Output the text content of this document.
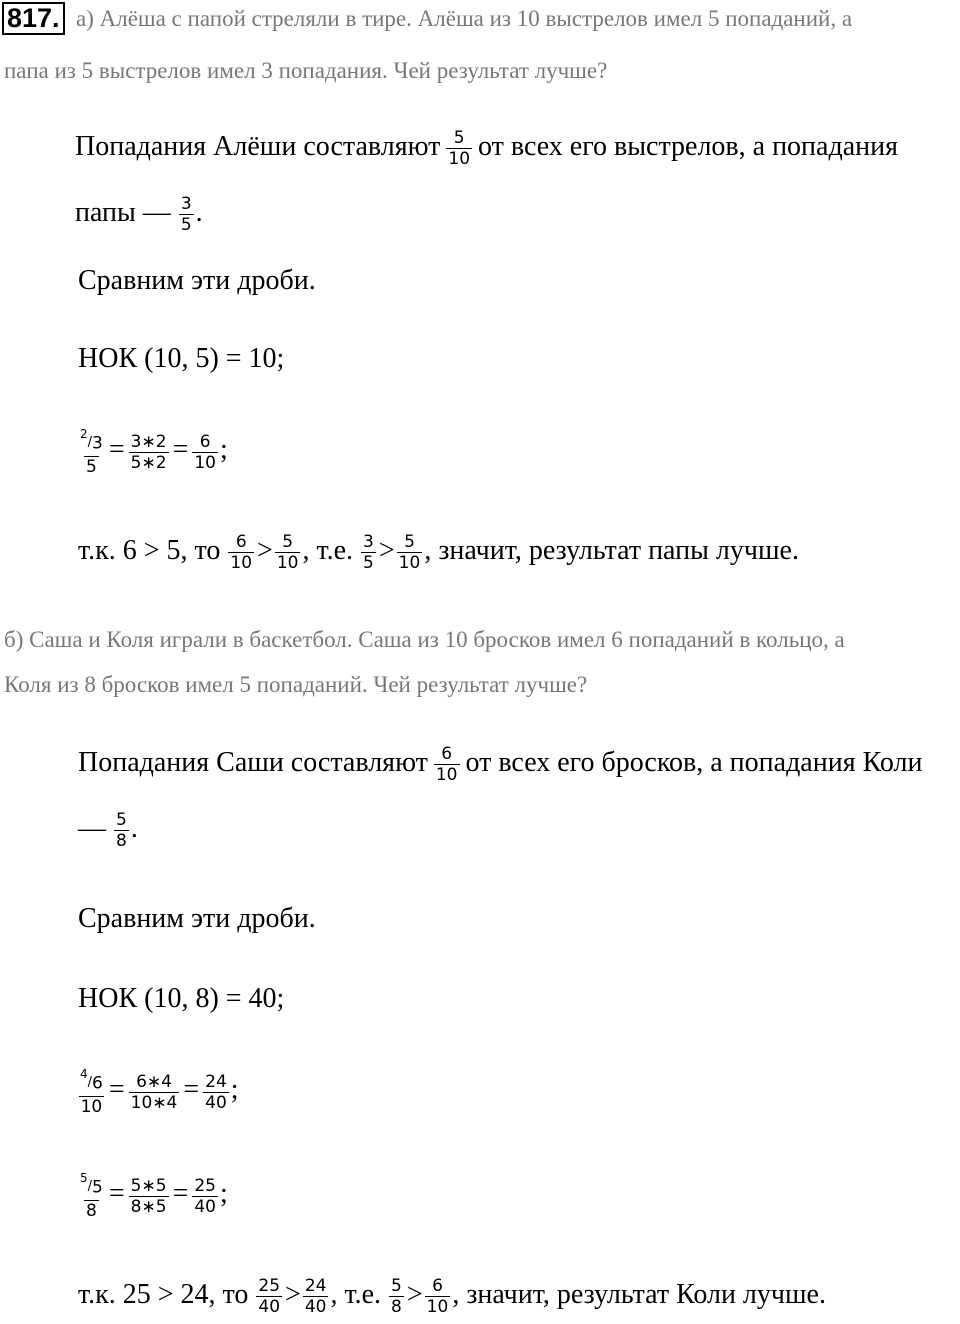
817. а) Алёша с папой стреляли в тире. Алёша из 10 выстрелов имел 5 попаданий, а
папа из 5 выстрелов имел 3 попадания. Чей результат лучше?
Попадания Алёши составляют $\frac{5}{10}$ от всех его выстрелов, а попадания
папы — $\frac{3}{5}$ .
Сравним эти дроби.
НОК (10, 5) = 10;
$\frac{^2/3}{5} = \frac{3∗2}{5∗2} = \frac{6}{10}$ ;
т.к. 6 > 5, то $\frac{6}{10} > \frac{5}{10}$ , т.е. $\frac{3}{5} > \frac{5}{10}$ , значит, результат папы лучше.
б) Саша и Коля играли в баскетбол. Саша из 10 бросков имел 6 попаданий в кольцо, а
Коля из 8 бросков имел 5 попаданий. Чей результат лучше?
Попадания Саши составляют $\frac{6}{10}$ от всех его бросков, а попадания Коли
— $\frac{5}{8}$ .
Сравним эти дроби.
НОК (10, 8) = 40;
$\frac{^4/6}{10} = \frac{6∗4}{10∗4} = \frac{24}{40}$ ;
$\frac{^5/5}{8} = \frac{5∗5}{8∗5} = \frac{25}{40}$ ;
т.к. 25 > 24, то $\frac{25}{40} > \frac{24}{40}$ , т.е. $\frac{5}{8} > \frac{6}{10}$ , значит, результат Коли лучше.
